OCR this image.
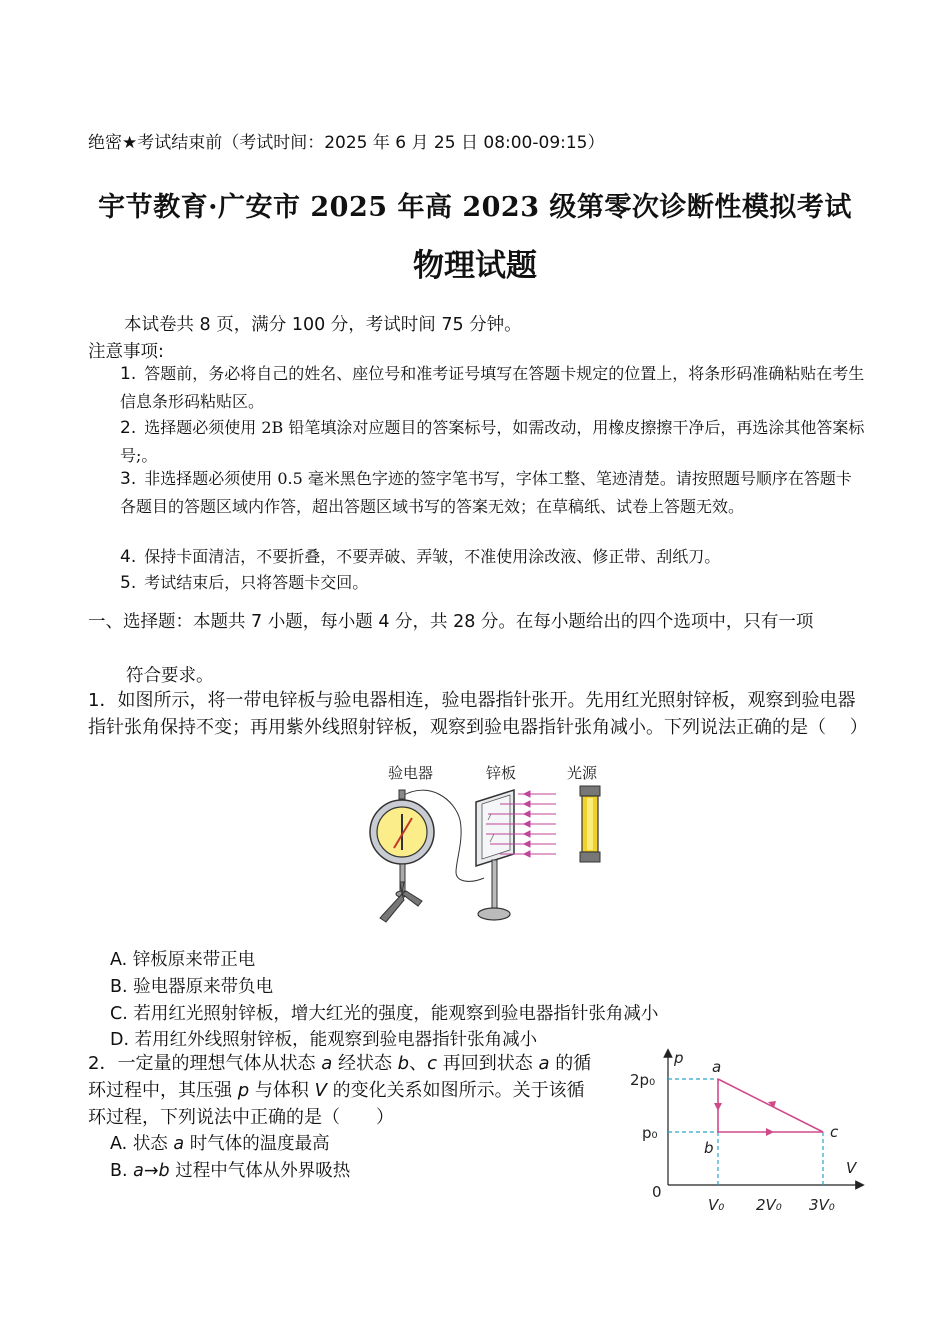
绝密★考试结束前（考试时间：2025 年 6 月 25 日 08:00-09:15）
宇节教育·广安市 2025 年高 2023 级第零次诊断性模拟考试
物理试题
本试卷共 8 页，满分 100 分，考试时间 75 分钟。
注意事项:
1. 答题前，务必将自己的姓名、座位号和准考证号填写在答题卡规定的位置上，将条形码准确粘贴在考生信息条形码粘贴区。
2. 选择题必须使用 2B 铅笔填涂对应题目的答案标号，如需改动，用橡皮擦擦干净后，再选涂其他答案标号;。
3. 非选择题必须使用 0.5 毫米黑色字迹的签字笔书写，字体工整、笔迹清楚。请按照题号顺序在答题卡各题目的答题区域内作答，超出答题区域书写的答案无效；在草稿纸、试卷上答题无效。
4. 保持卡面清洁，不要折叠，不要弄破、弄皱，不准使用涂改液、修正带、刮纸刀。
5. 考试结束后，只将答题卡交回。
一、选择题：本题共 7 小题，每小题 4 分，共 28 分。在每小题给出的四个选项中，只有一项
符合要求。
1．如图所示，将一带电锌板与验电器相连，验电器指针张开。先用红光照射锌板，观察到验电器指针张角保持不变；再用紫外线照射锌板，观察到验电器指针张角减小。下列说法正确的是（　 ）
验电器	锌板	光源
A. 锌板原来带正电
B. 验电器原来带负电
C. 若用红光照射锌板，增大红光的强度，能观察到验电器指针张角减小
D. 若用红外线照射锌板，能观察到验电器指针张角减小
2．一定量的理想气体从状态 a 经状态 b、c 再回到状态 a 的循环过程中，其压强 p 与体积 V 的变化关系如图所示。关于该循环过程，下列说法中正确的是（　　）
A. 状态 a 时气体的温度最高
B. a→b 过程中气体从外界吸热
p
V
0
2p₀
p₀
V₀ 2V₀ 3V₀
a
b
c
